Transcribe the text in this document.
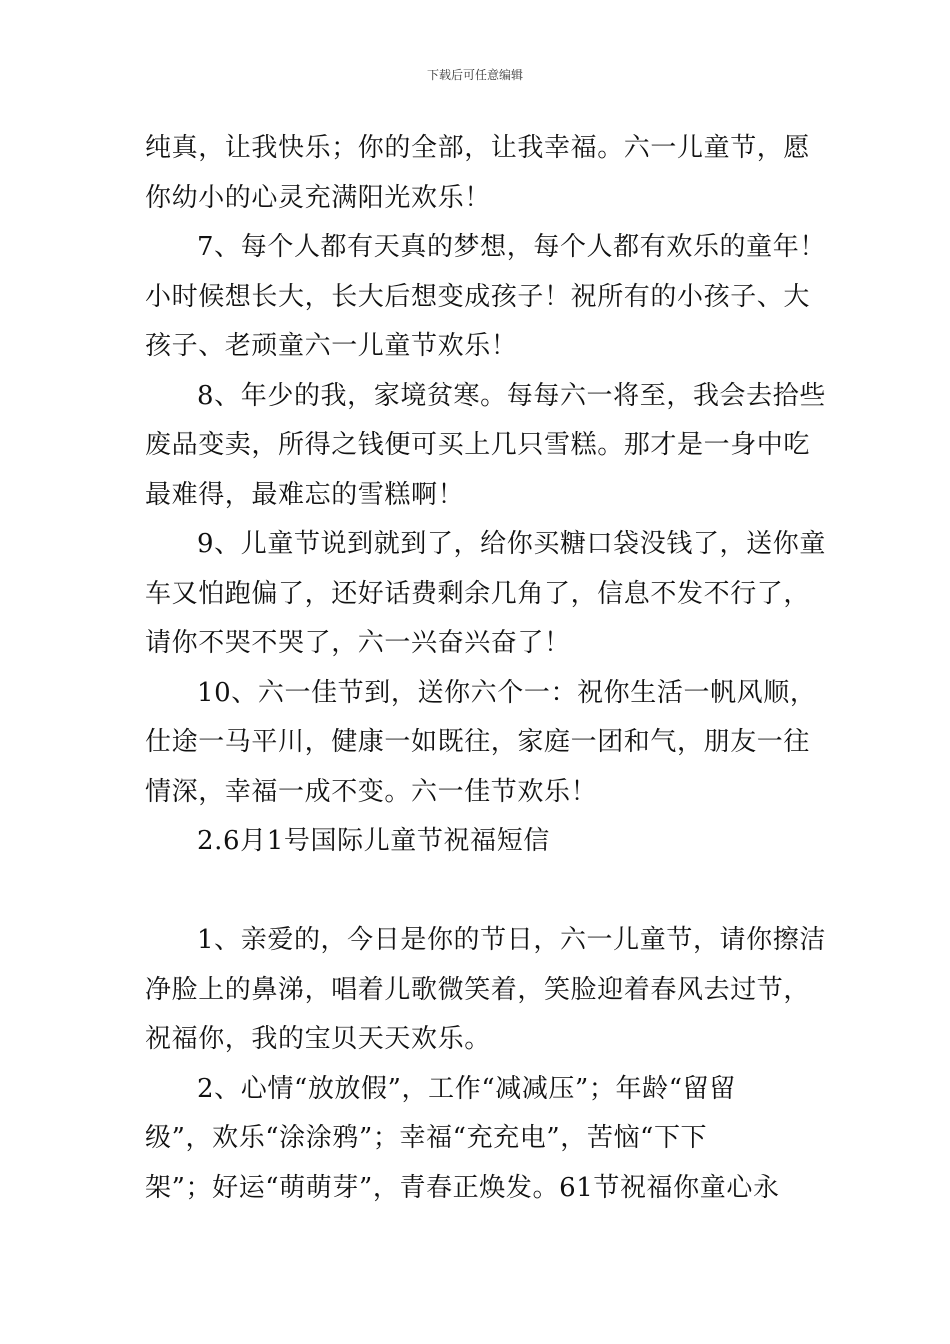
下载后可任意编辑
纯真，让我快乐；你的全部，让我幸福。六一儿童节，愿
你幼小的心灵充满阳光欢乐！
7、每个人都有天真的梦想，每个人都有欢乐的童年！
小时候想长大，长大后想变成孩子！祝所有的小孩子、大
孩子、老顽童六一儿童节欢乐！
8、年少的我，家境贫寒。每每六一将至，我会去拾些
废品变卖，所得之钱便可买上几只雪糕。那才是一身中吃
最难得，最难忘的雪糕啊！
9、儿童节说到就到了，给你买糖口袋没钱了，送你童
车又怕跑偏了，还好话费剩余几角了，信息不发不行了，
请你不哭不哭了，六一兴奋兴奋了！
10、六一佳节到，送你六个一：祝你生活一帆风顺，
仕途一马平川，健康一如既往，家庭一团和气，朋友一往
情深，幸福一成不变。六一佳节欢乐！
2.6月1号国际儿童节祝福短信
1、亲爱的，今日是你的节日，六一儿童节，请你擦洁
净脸上的鼻涕，唱着儿歌微笑着，笑脸迎着春风去过节，
祝福你，我的宝贝天天欢乐。
2、心情“放放假”，工作“减减压”；年龄“留留
级”，欢乐“涂涂鸦”；幸福“充充电”，苦恼“下下
架”；好运“萌萌芽”，青春正焕发。61节祝福你童心永
